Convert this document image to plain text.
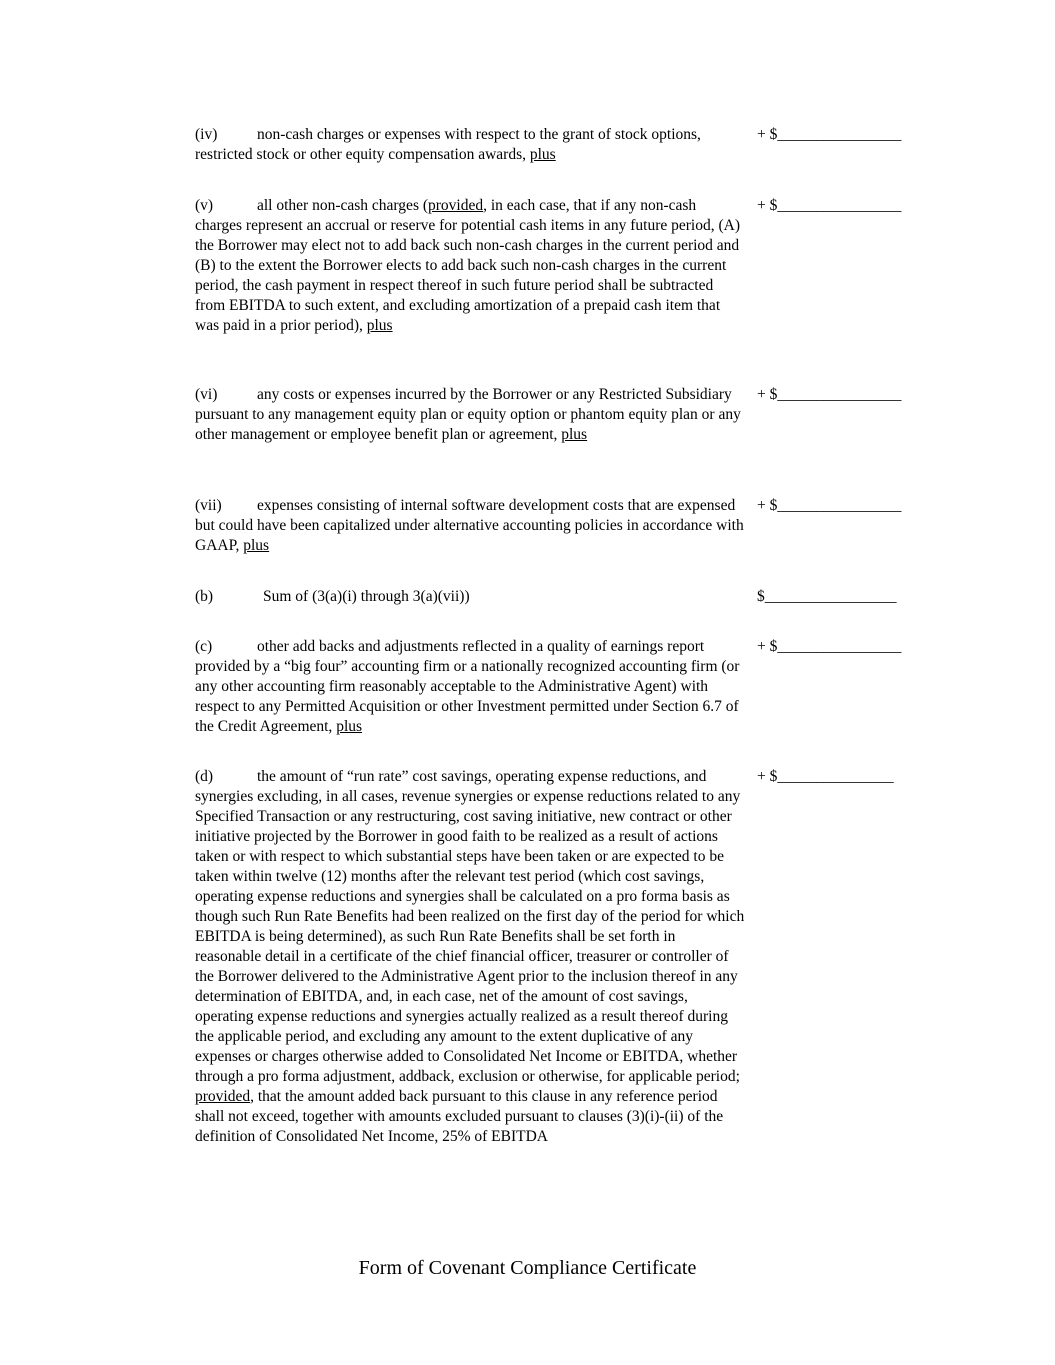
(iv)	non-cash charges or expenses with respect to the grant of stock options, restricted stock or other equity compensation awards, plus

+ $________________

(v)	all other non-cash charges (provided, in each case, that if any non-cash charges represent an accrual or reserve for potential cash items in any future period, (A) the Borrower may elect not to add back such non-cash charges in the current period and (B) to the extent the Borrower elects to add back such non-cash charges in the current period, the cash payment in respect thereof in such future period shall be subtracted from EBITDA to such extent, and excluding amortization of a prepaid cash item that was paid in a prior period), plus

+ $________________

(vi)	any costs or expenses incurred by the Borrower or any Restricted Subsidiary pursuant to any management equity plan or equity option or phantom equity plan or any other management or employee benefit plan or agreement, plus

+ $________________

(vii) expenses consisting of internal software development costs that are expensed but could have been capitalized under alternative accounting policies in accordance with GAAP, plus

+ $________________

(b)	Sum of (3(a)(i) through 3(a)(vii))	$_________________

(c)	other add backs and adjustments reflected in a quality of earnings report provided by a “big four” accounting firm or a nationally recognized accounting firm (or any other accounting firm reasonably acceptable to the Administrative Agent) with respect to any Permitted Acquisition or other Investment permitted under Section 6.7 of the Credit Agreement, plus

+ $________________

(d)	the amount of “run rate” cost savings, operating expense reductions, and synergies excluding, in all cases, revenue synergies or expense reductions related to any Specified Transaction or any restructuring, cost saving initiative, new contract or other initiative projected by the Borrower in good faith to be realized as a result of actions taken or with respect to which substantial steps have been taken or are expected to be taken within twelve (12) months after the relevant test period (which cost savings, operating expense reductions and synergies shall be calculated on a pro forma basis as though such Run Rate Benefits had been realized on the first day of the period for which EBITDA is being determined), as such Run Rate Benefits shall be set forth in reasonable detail in a certificate of the chief financial officer, treasurer or controller of the Borrower delivered to the Administrative Agent prior to the inclusion thereof in any determination of EBITDA, and, in each case, net of the amount of cost savings, operating expense reductions and synergies actually realized as a result thereof during the applicable period, and excluding any amount to the extent duplicative of any expenses or charges otherwise added to Consolidated Net Income or EBITDA, whether through a pro forma adjustment, addback, exclusion or otherwise, for applicable period; provided, that the amount added back pursuant to this clause in any reference period shall not exceed, together with amounts excluded pursuant to clauses (3)(i)-(ii) of the definition of Consolidated Net Income, 25% of EBITDA

+ $_______________
Form of Covenant Compliance Certificate
